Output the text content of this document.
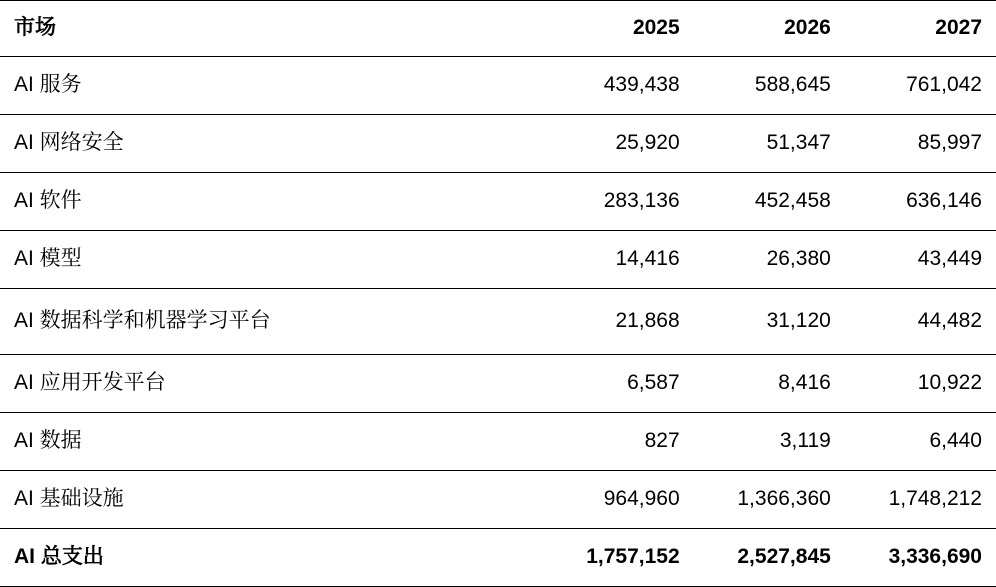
市场	2025	2026	2027
AI 服务	439,438	588,645	761,042
AI 网络安全	25,920	51,347	85,997
AI 软件	283,136	452,458	636,146
AI 模型	14,416	26,380	43,449
AI 数据科学和机器学习平台	21,868	31,120	44,482
AI 应用开发平台	6,587	8,416	10,922
AI 数据	827	3,119	6,440
AI 基础设施	964,960	1,366,360	1,748,212
AI 总支出	1,757,152	2,527,845	3,336,690
